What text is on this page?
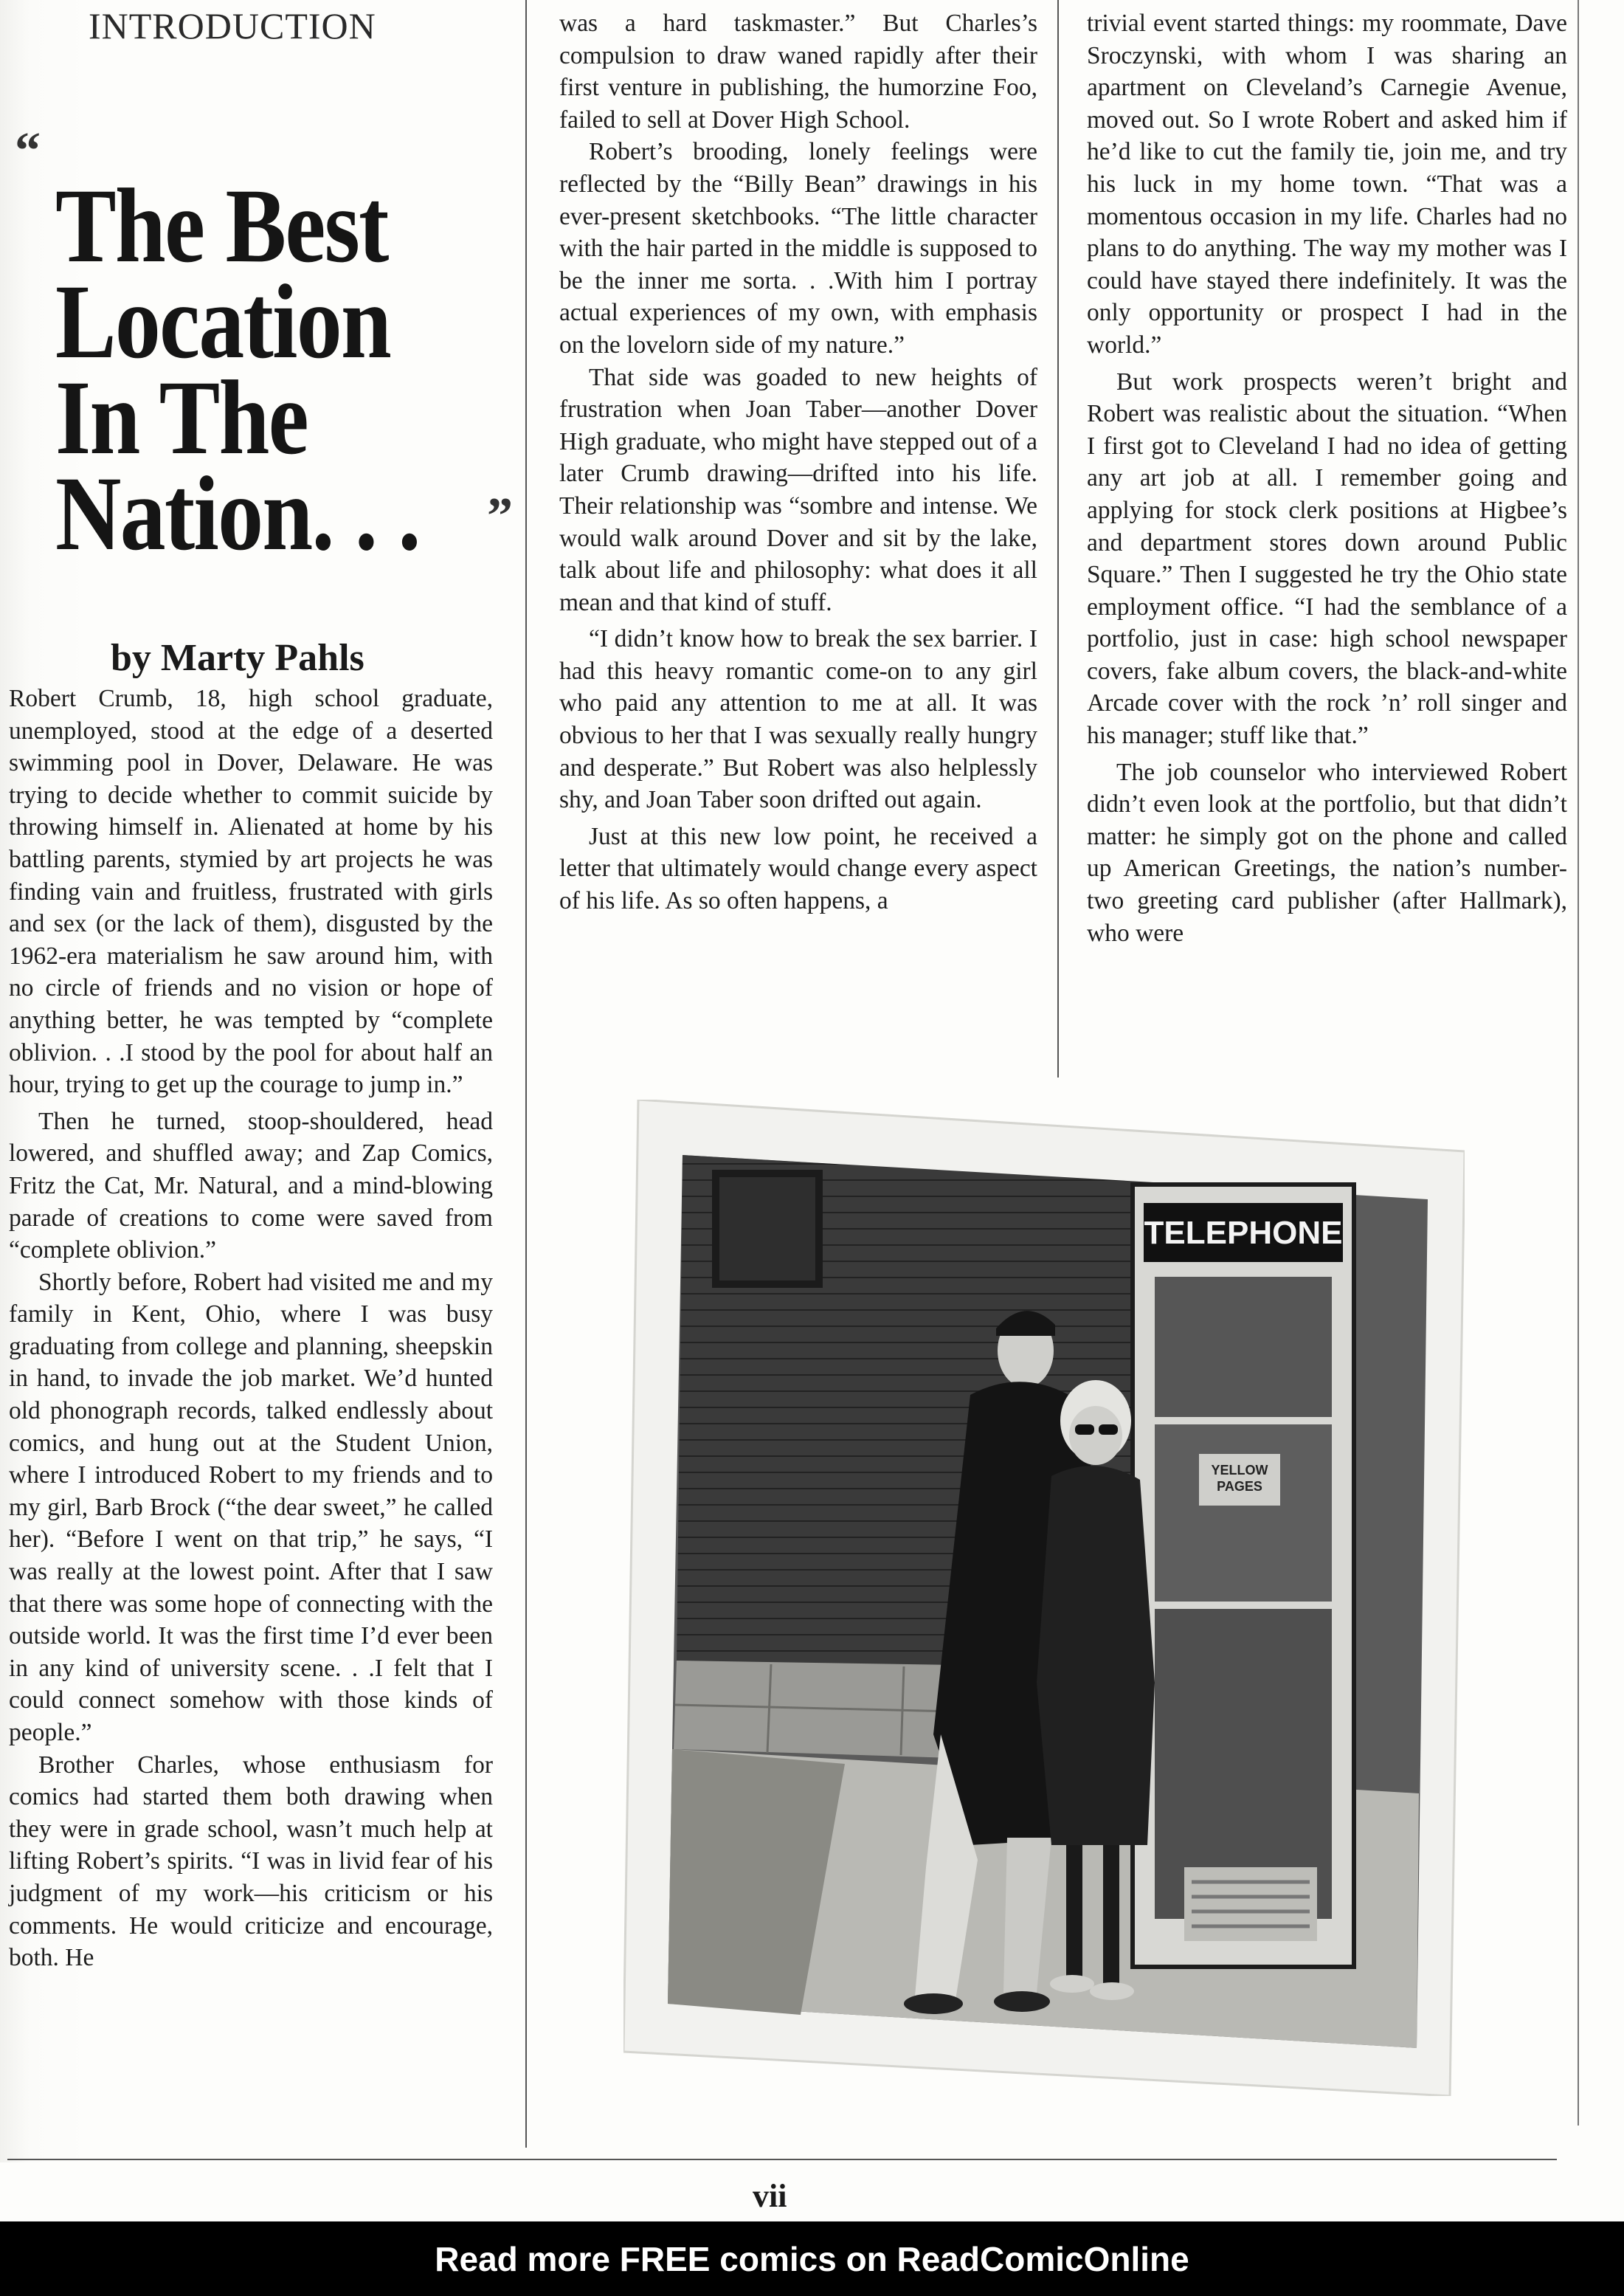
INTRODUCTION
“
The Best
Location
In The
Nation. . . ”
by Marty Pahls

Robert Crumb, 18, high school graduate, unemployed, stood at the edge of a deserted swimming pool in Dover, Delaware. He was trying to decide whether to commit suicide by throwing himself in. Alienated at home by his battling parents, stymied by art projects he was finding vain and fruitless, frustrated with girls and sex (or the lack of them), disgusted by the 1962-era materialism he saw around him, with no circle of friends and no vision or hope of anything better, he was tempted by “complete oblivion. . .I stood by the pool for about half an hour, trying to get up the courage to jump in.”

Then he turned, stoop-shouldered, head lowered, and shuffled away; and Zap Comics, Fritz the Cat, Mr. Natural, and a mind-blowing parade of creations to come were saved from “complete oblivion.”

Shortly before, Robert had visited me and my family in Kent, Ohio, where I was busy graduating from college and planning, sheepskin in hand, to invade the job market. We’d hunted old phonograph records, talked endlessly about comics, and hung out at the Student Union, where I introduced Robert to my friends and to my girl, Barb Brock (“the dear sweet,” he called her). “Before I went on that trip,” he says, “I was really at the lowest point. After that I saw that there was some hope of connecting with the outside world. It was the first time I’d ever been in any kind of university scene. . .I felt that I could connect somehow with those kinds of people.”

Brother Charles, whose enthusiasm for comics had started them both drawing when they were in grade school, wasn’t much help at lifting Robert’s spirits. “I was in livid fear of his judgment of my work—his criticism or his comments. He would criticize and encourage, both. He

was a hard taskmaster.” But Charles’s compulsion to draw waned rapidly after their first venture in publishing, the humorzine Foo, failed to sell at Dover High School.

Robert’s brooding, lonely feelings were reflected by the “Billy Bean” drawings in his ever-present sketchbooks. “The little character with the hair parted in the middle is supposed to be the inner me sorta. . .With him I portray actual experiences of my own, with emphasis on the lovelorn side of my nature.”

That side was goaded to new heights of frustration when Joan Taber—another Dover High graduate, who might have stepped out of a later Crumb drawing—drifted into his life. Their relationship was “sombre and intense. We would walk around Dover and sit by the lake, talk about life and philosophy: what does it all mean and that kind of stuff.

“I didn’t know how to break the sex barrier. I had this heavy romantic come-on to any girl who paid any attention to me at all. It was obvious to her that I was sexually really hungry and desperate.” But Robert was also helplessly shy, and Joan Taber soon drifted out again.

Just at this new low point, he received a letter that ultimately would change every aspect of his life. As so often happens, a

trivial event started things: my roommate, Dave Sroczynski, with whom I was sharing an apartment on Cleveland’s Carnegie Avenue, moved out. So I wrote Robert and asked him if he’d like to cut the family tie, join me, and try his luck in my home town. “That was a momentous occasion in my life. Charles had no plans to do anything. The way my mother was I could have stayed there indefinitely. It was the only opportunity or prospect I had in the world.”

But work prospects weren’t bright and Robert was realistic about the situation. “When I first got to Cleveland I had no idea of getting any art job at all. I remember going and applying for stock clerk positions at Higbee’s and department stores down around Public Square.” Then I suggested he try the Ohio state employment office. “I had the semblance of a portfolio, just in case: high school newspaper covers, fake album covers, the black-and-white Arcade cover with the rock ’n’ roll singer and his manager; stuff like that.”

The job counselor who interviewed Robert didn’t even look at the portfolio, but that didn’t matter: he simply got on the phone and called up American Greetings, the nation’s number-two greeting card publisher (after Hallmark), who were

TELEPHONE
YELLOW
PAGES
vii
Read more FREE comics on ReadComicOnline
